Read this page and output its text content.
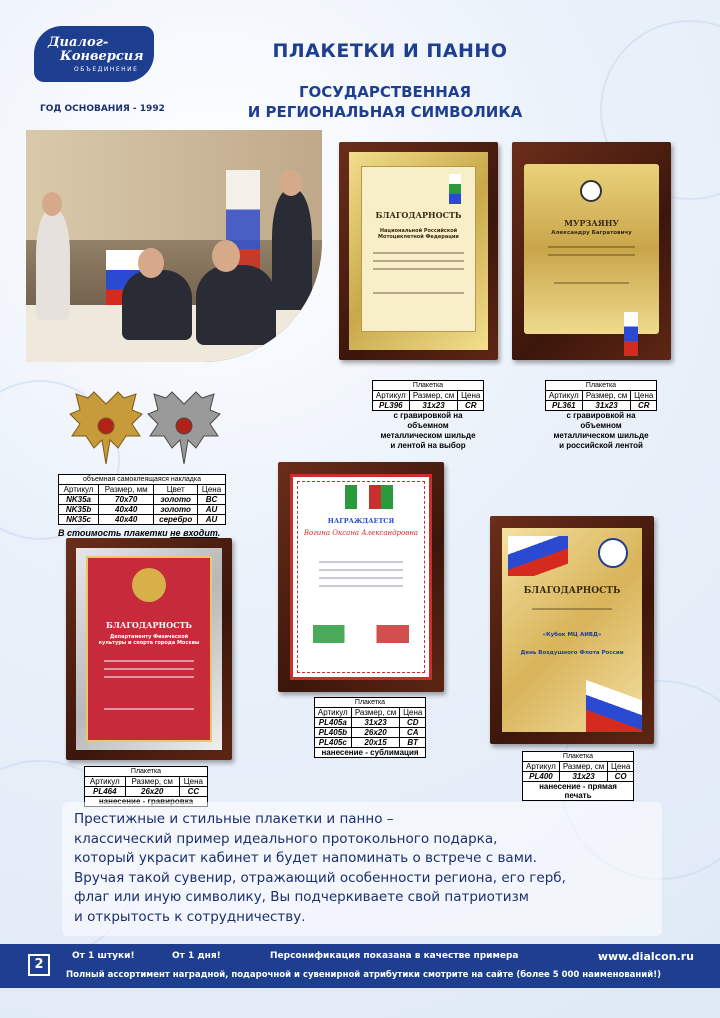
Диалог-
Конверсия
ОБЪЕДИНЕНИЕ
ГОД ОСНОВАНИЯ - 1992
ПЛАКЕТКИ И ПАННО
ГОСУДАРСТВЕННАЯ
И РЕГИОНАЛЬНАЯ СИМВОЛИКА
БЛАГОДАРНОСТЬ
Национальной Российской Мотоциклетной Федерации
МУРЗАЯНУ
Александру Багратовичу
Плакетка
Артикул	Размер, см	Цена
PL396	31x23	CR
с гравировкой на объемном
металлическом шильде
и лентой на выбор
Плакетка
Артикул	Размер, см	Цена
PL361	31x23	CR
с гравировкой на объемном
металлическом шильде
и российской лентой
объемная самоклеящаяся накладка
Артикул	Размер, мм	Цвет	Цена
NK35a	70x70	золото	BC
NK35b	40x40	золото	AU
NK35c	40x40	серебро	AU
В стоимость плакетки не входит.
НАГРАЖДАЕТСЯ
Вогина Оксана Александровна
Плакетка
Артикул	Размер, см	Цена
PL405a	31x23	CD
PL405b	26x20	CA
PL405c	20x15	BT
нанесение - сублимация		
БЛАГОДАРНОСТЬ
Департаменту Физической культуры и спорта города Москвы
Плакетка
Артикул	Размер, см	Цена
PL464	26x20	CC

БЛАГОДАРНОСТЬ
«Кубок МЦ АИВД»
День Воздушного Флота России
Плакетка
Артикул	Размер, см	Цена
PL400	31x23	CO
нанесение - прямая печать		

Престижные и стильные плакетки и панно –

классический пример идеального протокольного подарка,

который украсит кабинет и будет напоминать о встрече с вами.

Вручая такой сувенир, отражающий особенности региона, его герб,

флаг или иную символику, Вы подчеркиваете свой патриотизм

и открытость к сотрудничеству.

2
От 1 штуки!	От 1 дня!	Персонификация показана в качестве примера	www.dialcon.ru
Полный ассортимент наградной, подарочной и сувенирной атрибутики смотрите на сайте (более 5 000 наименований!)
